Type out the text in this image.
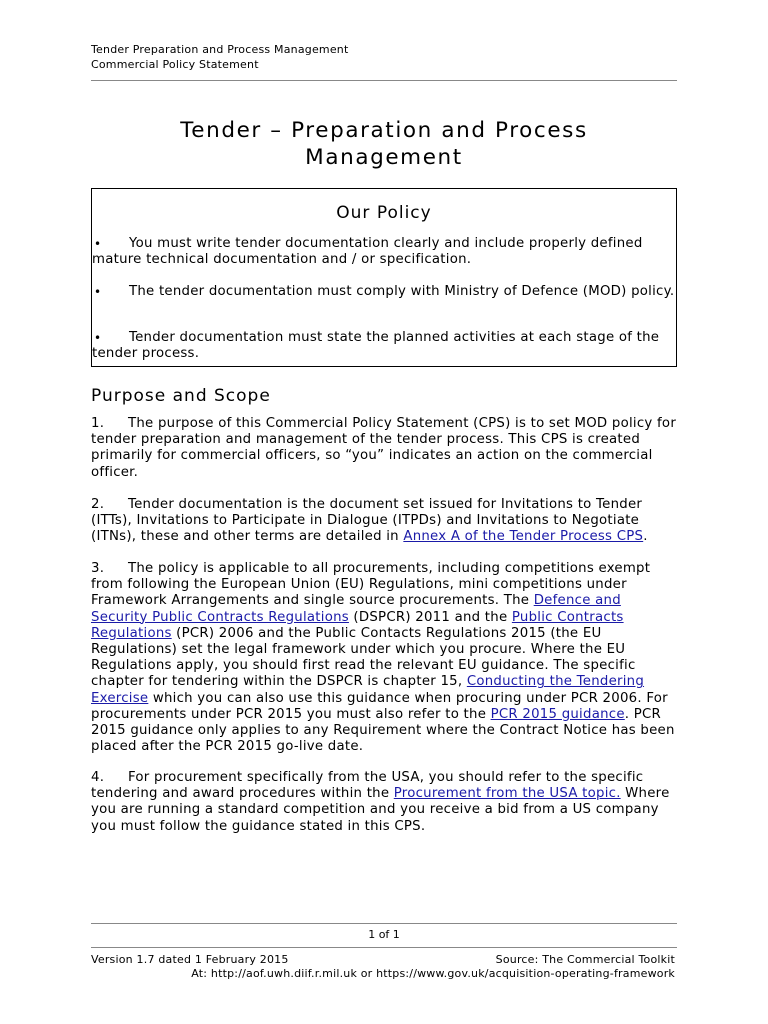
Tender Preparation and Process Management
Commercial Policy Statement
Tender – Preparation and Process
Management
Our Policy
•	You must write tender documentation clearly and include properly defined mature technical documentation and / or specification.
•	The tender documentation must comply with Ministry of Defence (MOD) policy.
•	Tender documentation must state the planned activities at each stage of the tender process.
Purpose and Scope
1. The purpose of this Commercial Policy Statement (CPS) is to set MOD policy for tender preparation and management of the tender process. This CPS is created primarily for commercial officers, so “you” indicates an action on the commercial officer.
2. Tender documentation is the document set issued for Invitations to Tender (ITTs), Invitations to Participate in Dialogue (ITPDs) and Invitations to Negotiate (ITNs), these and other terms are detailed in Annex A of the Tender Process CPS.
3. The policy is applicable to all procurements, including competitions exempt from following the European Union (EU) Regulations, mini competitions under Framework Arrangements and single source procurements. The Defence and Security Public Contracts Regulations (DSPCR) 2011 and the Public Contracts Regulations (PCR) 2006 and the Public Contacts Regulations 2015 (the EU Regulations) set the legal framework under which you procure. Where the EU Regulations apply, you should first read the relevant EU guidance. The specific chapter for tendering within the DSPCR is chapter 15, Conducting the Tendering Exercise which you can also use this guidance when procuring under PCR 2006. For procurements under PCR 2015 you must also refer to the PCR 2015 guidance. PCR 2015 guidance only applies to any Requirement where the Contract Notice has been placed after the PCR 2015 go-live date.
4. For procurement specifically from the USA, you should refer to the specific tendering and award procedures within the Procurement from the USA topic. Where you are running a standard competition and you receive a bid from a US company you must follow the guidance stated in this CPS.
1 of 1
Version 1.7 dated 1 February 2015	Source: The Commercial Toolkit
At: http://aof.uwh.diif.r.mil.uk or https://www.gov.uk/acquisition-operating-framework
